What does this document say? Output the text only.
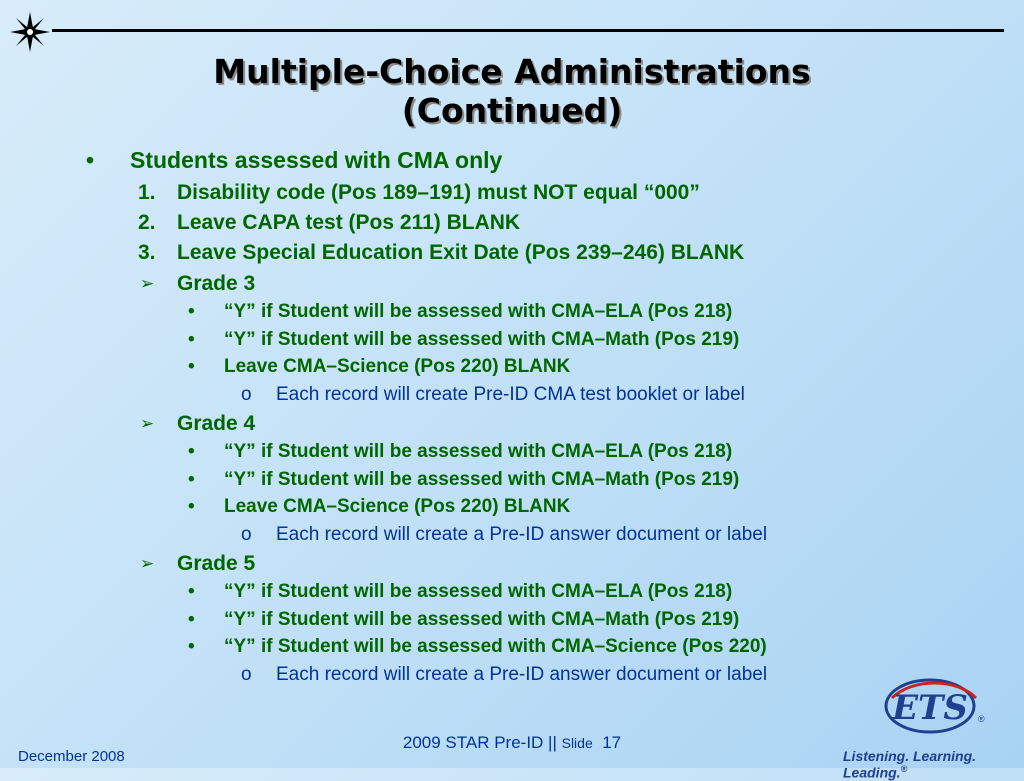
Multiple-Choice Administrations
(Continued)
• Students assessed with CMA only
1. Disability code (Pos 189–191) must NOT equal “000”
2. Leave CAPA test (Pos 211) BLANK
3. Leave Special Education Exit Date (Pos 239–246) BLANK
➢ Grade 3
• “Y” if Student will be assessed with CMA–ELA (Pos 218)
• “Y” if Student will be assessed with CMA–Math (Pos 219)
• Leave CMA–Science (Pos 220) BLANK
o Each record will create Pre-ID CMA test booklet or label
➢ Grade 4
• “Y” if Student will be assessed with CMA–ELA (Pos 218)
• “Y” if Student will be assessed with CMA–Math (Pos 219)
• Leave CMA–Science (Pos 220) BLANK
o Each record will create a Pre-ID answer document or label
➢ Grade 5
• “Y” if Student will be assessed with CMA–ELA (Pos 218)
• “Y” if Student will be assessed with CMA–Math (Pos 219)
• “Y” if Student will be assessed with CMA–Science (Pos 220)
o Each record will create a Pre-ID answer document or label
ETS ®
December 2008
2009 STAR Pre-ID || Slide 17
Listening. Learning. Leading.®
